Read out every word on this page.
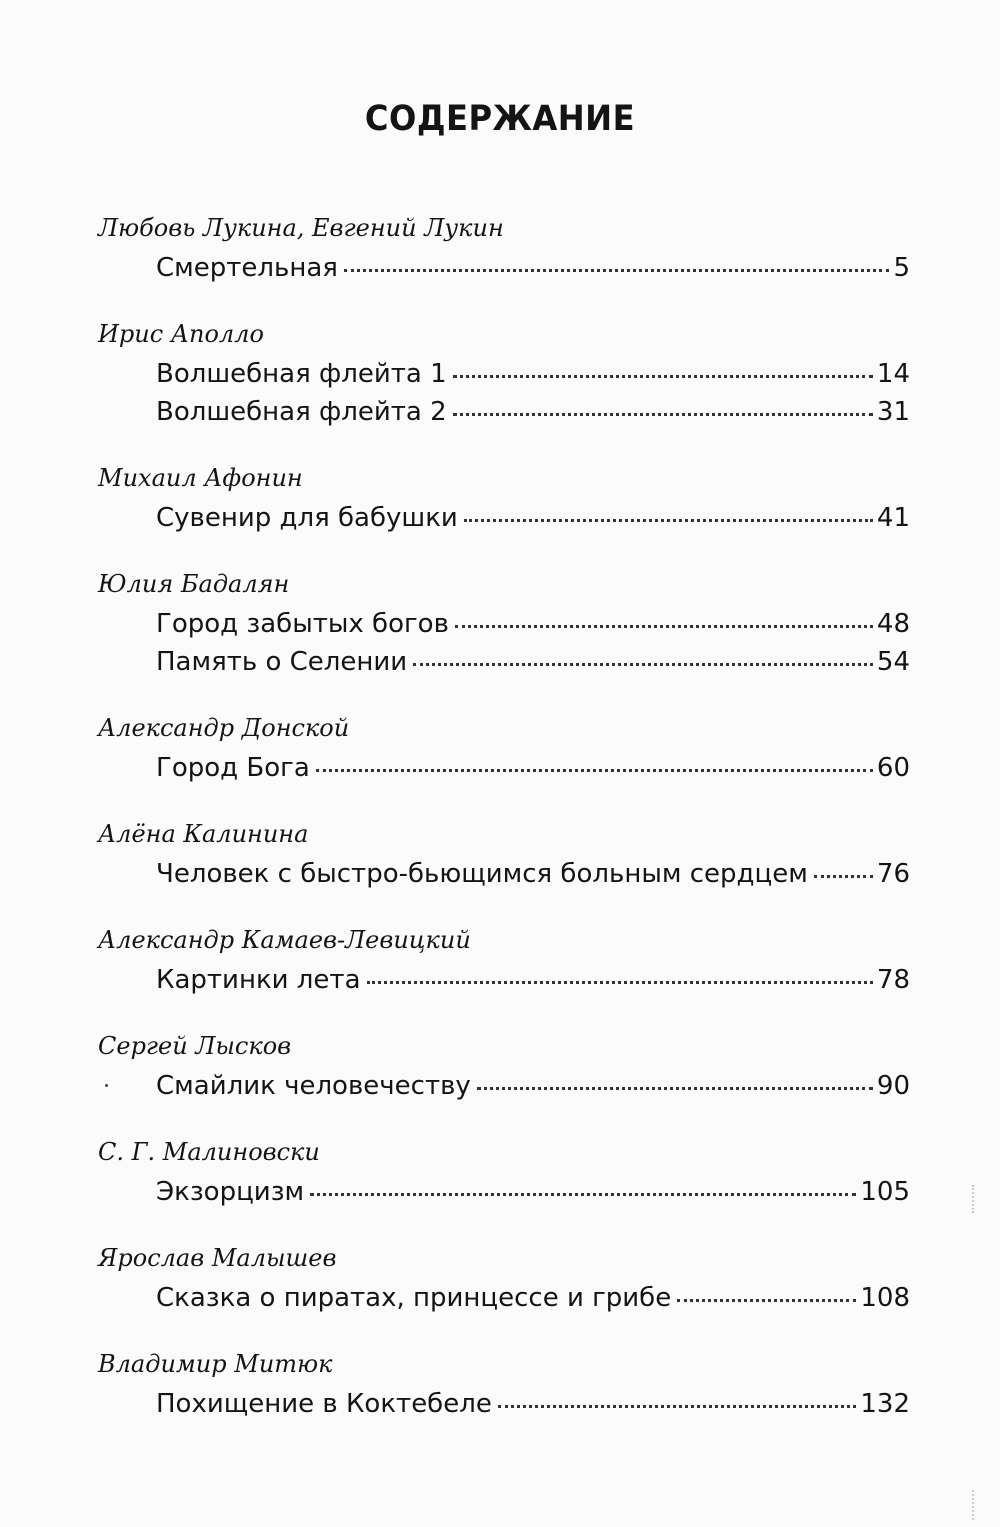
СОДЕРЖАНИЕ
Любовь Лукина, Евгений Лукин
Смертельная	5
Ирис Аполло
Волшебная флейта 1	14
Волшебная флейта 2	31
Михаил Афонин
Сувенир для бабушки	41
Юлия Бадалян
Город забытых богов	48
Память о Селении	54
Александр Донской
Город Бога	60
Алёна Калинина
Человек с быстро-бьющимся больным сердцем	76
Александр Камаев-Левицкий
Картинки лета	78
Сергей Лысков
Смайлик человечеству	90
С. Г. Малиновски
Экзорцизм	105
Ярослав Малышев
Сказка о пиратах, принцессе и грибе	108
Владимир Митюк
Похищение в Коктебеле	132
